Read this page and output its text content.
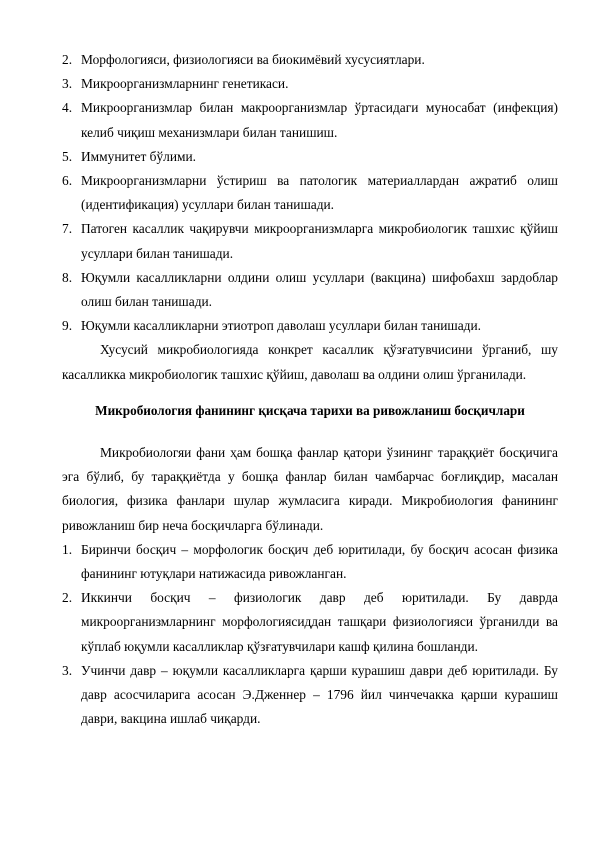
2. Морфологияси, физиологияси ва биокимёвий хусусиятлари.
3. Микроорганизмларнинг генетикаси.
4. Микроорганизмлар билан макроорганизмлар ўртасидаги муносабат (инфекция) келиб чиқиш механизмлари билан танишиш.
5. Иммунитет бўлими.
6. Микроорганизмларни ўстириш ва патологик материаллардан ажратиб олиш (идентификация) усуллари билан танишади.
7. Патоген касаллик чақирувчи микроорганизмларга микробиологик ташхис қўйиш усуллари билан танишади.
8. Юқумли касалликларни олдини олиш усуллари (вакцина) шифобахш зардоблар олиш билан танишади.
9. Юқумли касалликларни этиотроп даволаш усуллари билан танишади.

Хусусий микробиологияда конкрет касаллик қўзғатувчисини ўрганиб, шу касалликка микробиологик ташхис қўйиш, даволаш ва олдини олиш ўрганилади.

Микробиология фанининг қисқача тарихи ва ривожланиш босқичлари

Микробиологяи фани ҳам бошқа фанлар қатори ўзининг тараққиёт босқичига эга бўлиб, бу тараққиётда у бошқа фанлар билан чамбарчас боғлиқдир, масалан биология, физика фанлари шулар жумласига киради. Микробиология фанининг ривожланиш бир неча босқичларга бўлинади.

1. Биринчи босқич – морфологик босқич деб юритилади, бу босқич асосан физика фанининг ютуқлари натижасида ривожланган.
2. Иккинчи босқич – физиологик давр деб юритилади. Бу даврда микроорганизмларнинг морфологиясиддан ташқари физиологияси ўрганилди ва кўплаб юқумли касалликлар қўзғатувчилари кашф қилина бошланди.
3. Учинчи давр – юқумли касалликларга қарши курашиш даври деб юритилади. Бу давр асосчиларига асосан Э.Дженнер – 1796 йил чинчечакка қарши курашиш даври, вакцина ишлаб чиқарди.
